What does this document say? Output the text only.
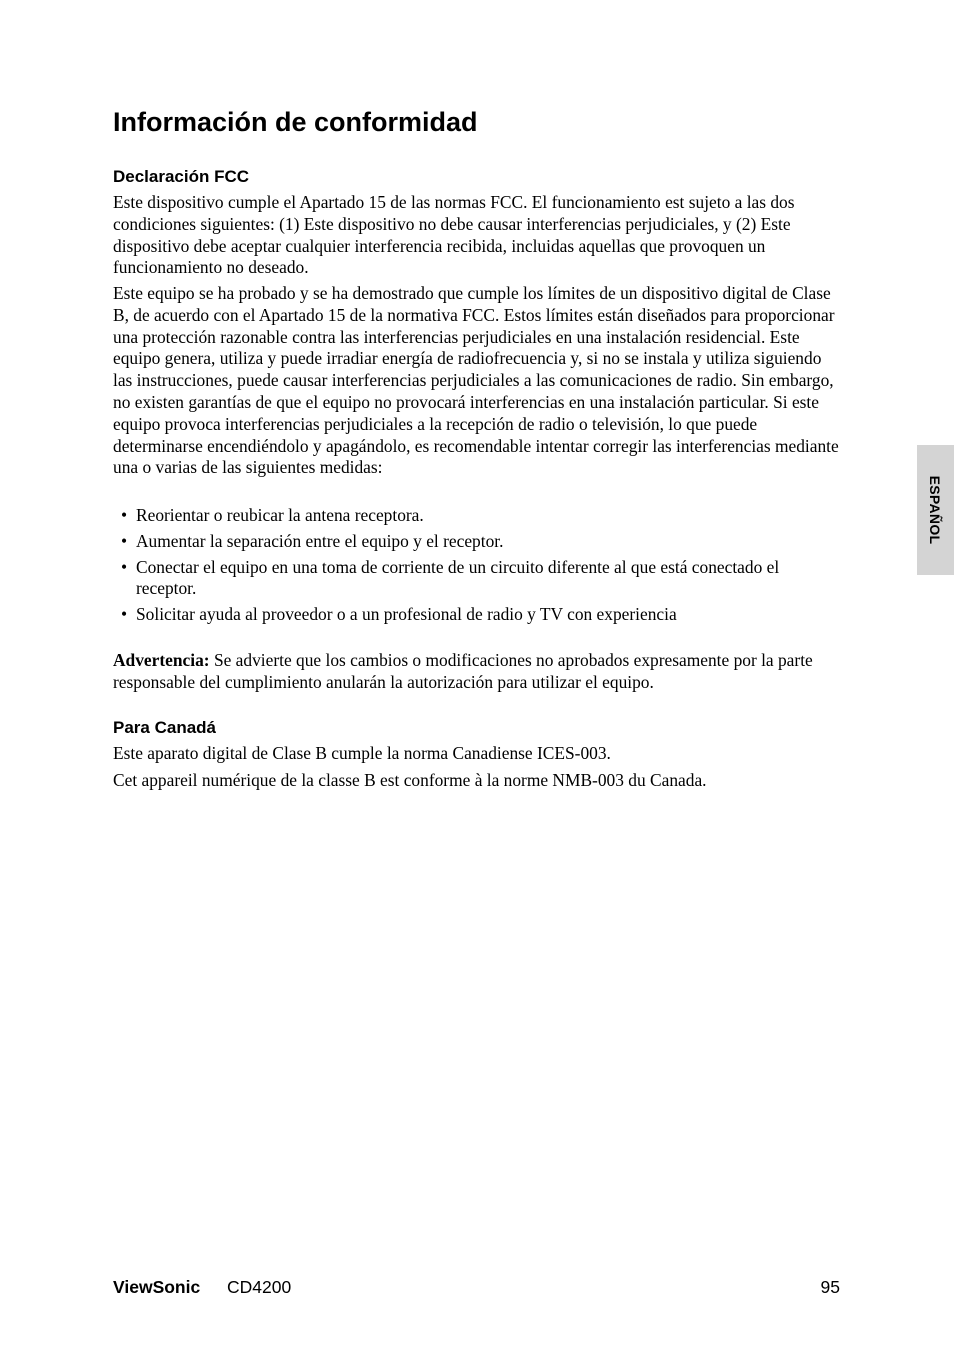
Información de conformidad
Declaración FCC

Este dispositivo cumple el Apartado 15 de las normas FCC. El funcionamiento est sujeto a las dos condiciones siguientes: (1) Este dispositivo no debe causar interferencias perjudiciales, y (2) Este dispositivo debe aceptar cualquier interferencia recibida, incluidas aquellas que provoquen un funcionamiento no deseado.

Este equipo se ha probado y se ha demostrado que cumple los límites de un dispositivo digital de Clase B, de acuerdo con el Apartado 15 de la normativa FCC. Estos límites están diseñados para proporcionar una protección razonable contra las interferencias perjudiciales en una instalación residencial. Este equipo genera, utiliza y puede irradiar energía de radiofrecuencia y, si no se instala y utiliza siguiendo las instrucciones, puede causar interferencias perjudiciales a las comunicaciones de radio. Sin embargo, no existen garantías de que el equipo no provocará interferencias en una instalación particular. Si este equipo provoca interferencias perjudiciales a la recepción de radio o televisión, lo que puede determinarse encendiéndolo y apagándolo, es recomendable intentar corregir las interferencias mediante una o varias de las siguientes medidas:

• Reorientar o reubicar la antena receptora.
• Aumentar la separación entre el equipo y el receptor.
• Conectar el equipo en una toma de corriente de un circuito diferente al que está conectado el receptor.
• Solicitar ayuda al proveedor o a un profesional de radio y TV con experiencia

Advertencia: Se advierte que los cambios o modificaciones no aprobados expresamente por la parte responsable del cumplimiento anularán la autorización para utilizar el equipo.

Para Canadá

Este aparato digital de Clase B cumple la norma Canadiense ICES-003.

Cet appareil numérique de la classe B est conforme à la norme NMB-003 du Canada.

ESPAÑOL
ViewSonic CD4200	95
